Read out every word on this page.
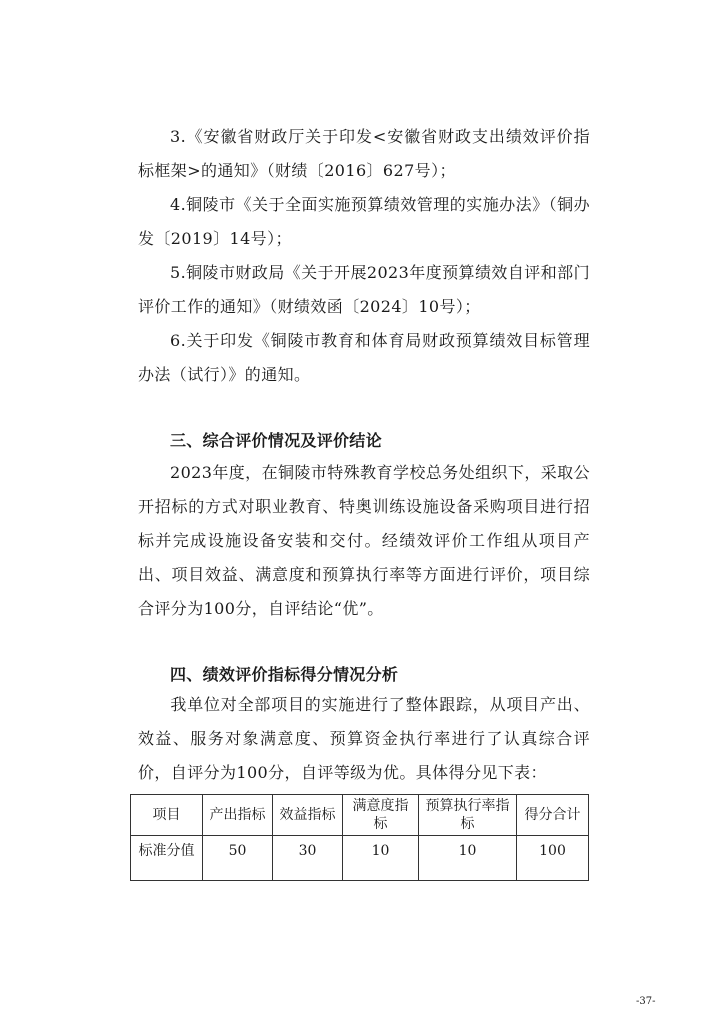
3.《安徽省财政厅关于印发<安徽省财政支出绩效评价指标框架>的通知》（财绩〔2016〕627号）；

4.铜陵市《关于全面实施预算绩效管理的实施办法》（铜办发〔2019〕14号）；

5.铜陵市财政局《关于开展2023年度预算绩效自评和部门评价工作的通知》（财绩效函〔2024〕10号）；

6.关于印发《铜陵市教育和体育局财政预算绩效目标管理办法（试行）》的通知。

三、综合评价情况及评价结论

2023年度，在铜陵市特殊教育学校总务处组织下，采取公开招标的方式对职业教育、特奥训练设施设备采购项目进行招标并完成设施设备安装和交付。经绩效评价工作组从项目产出、项目效益、满意度和预算执行率等方面进行评价，项目综合评分为100分，自评结论“优”。

四、绩效评价指标得分情况分析

我单位对全部项目的实施进行了整体跟踪，从项目产出、效益、服务对象满意度、预算资金执行率进行了认真综合评价，自评分为100分，自评等级为优。具体得分见下表：

项目	产出指标	效益指标	满意度指标	预算执行率指标	得分合计
标准分值	50	30	10	10	100
-37-
